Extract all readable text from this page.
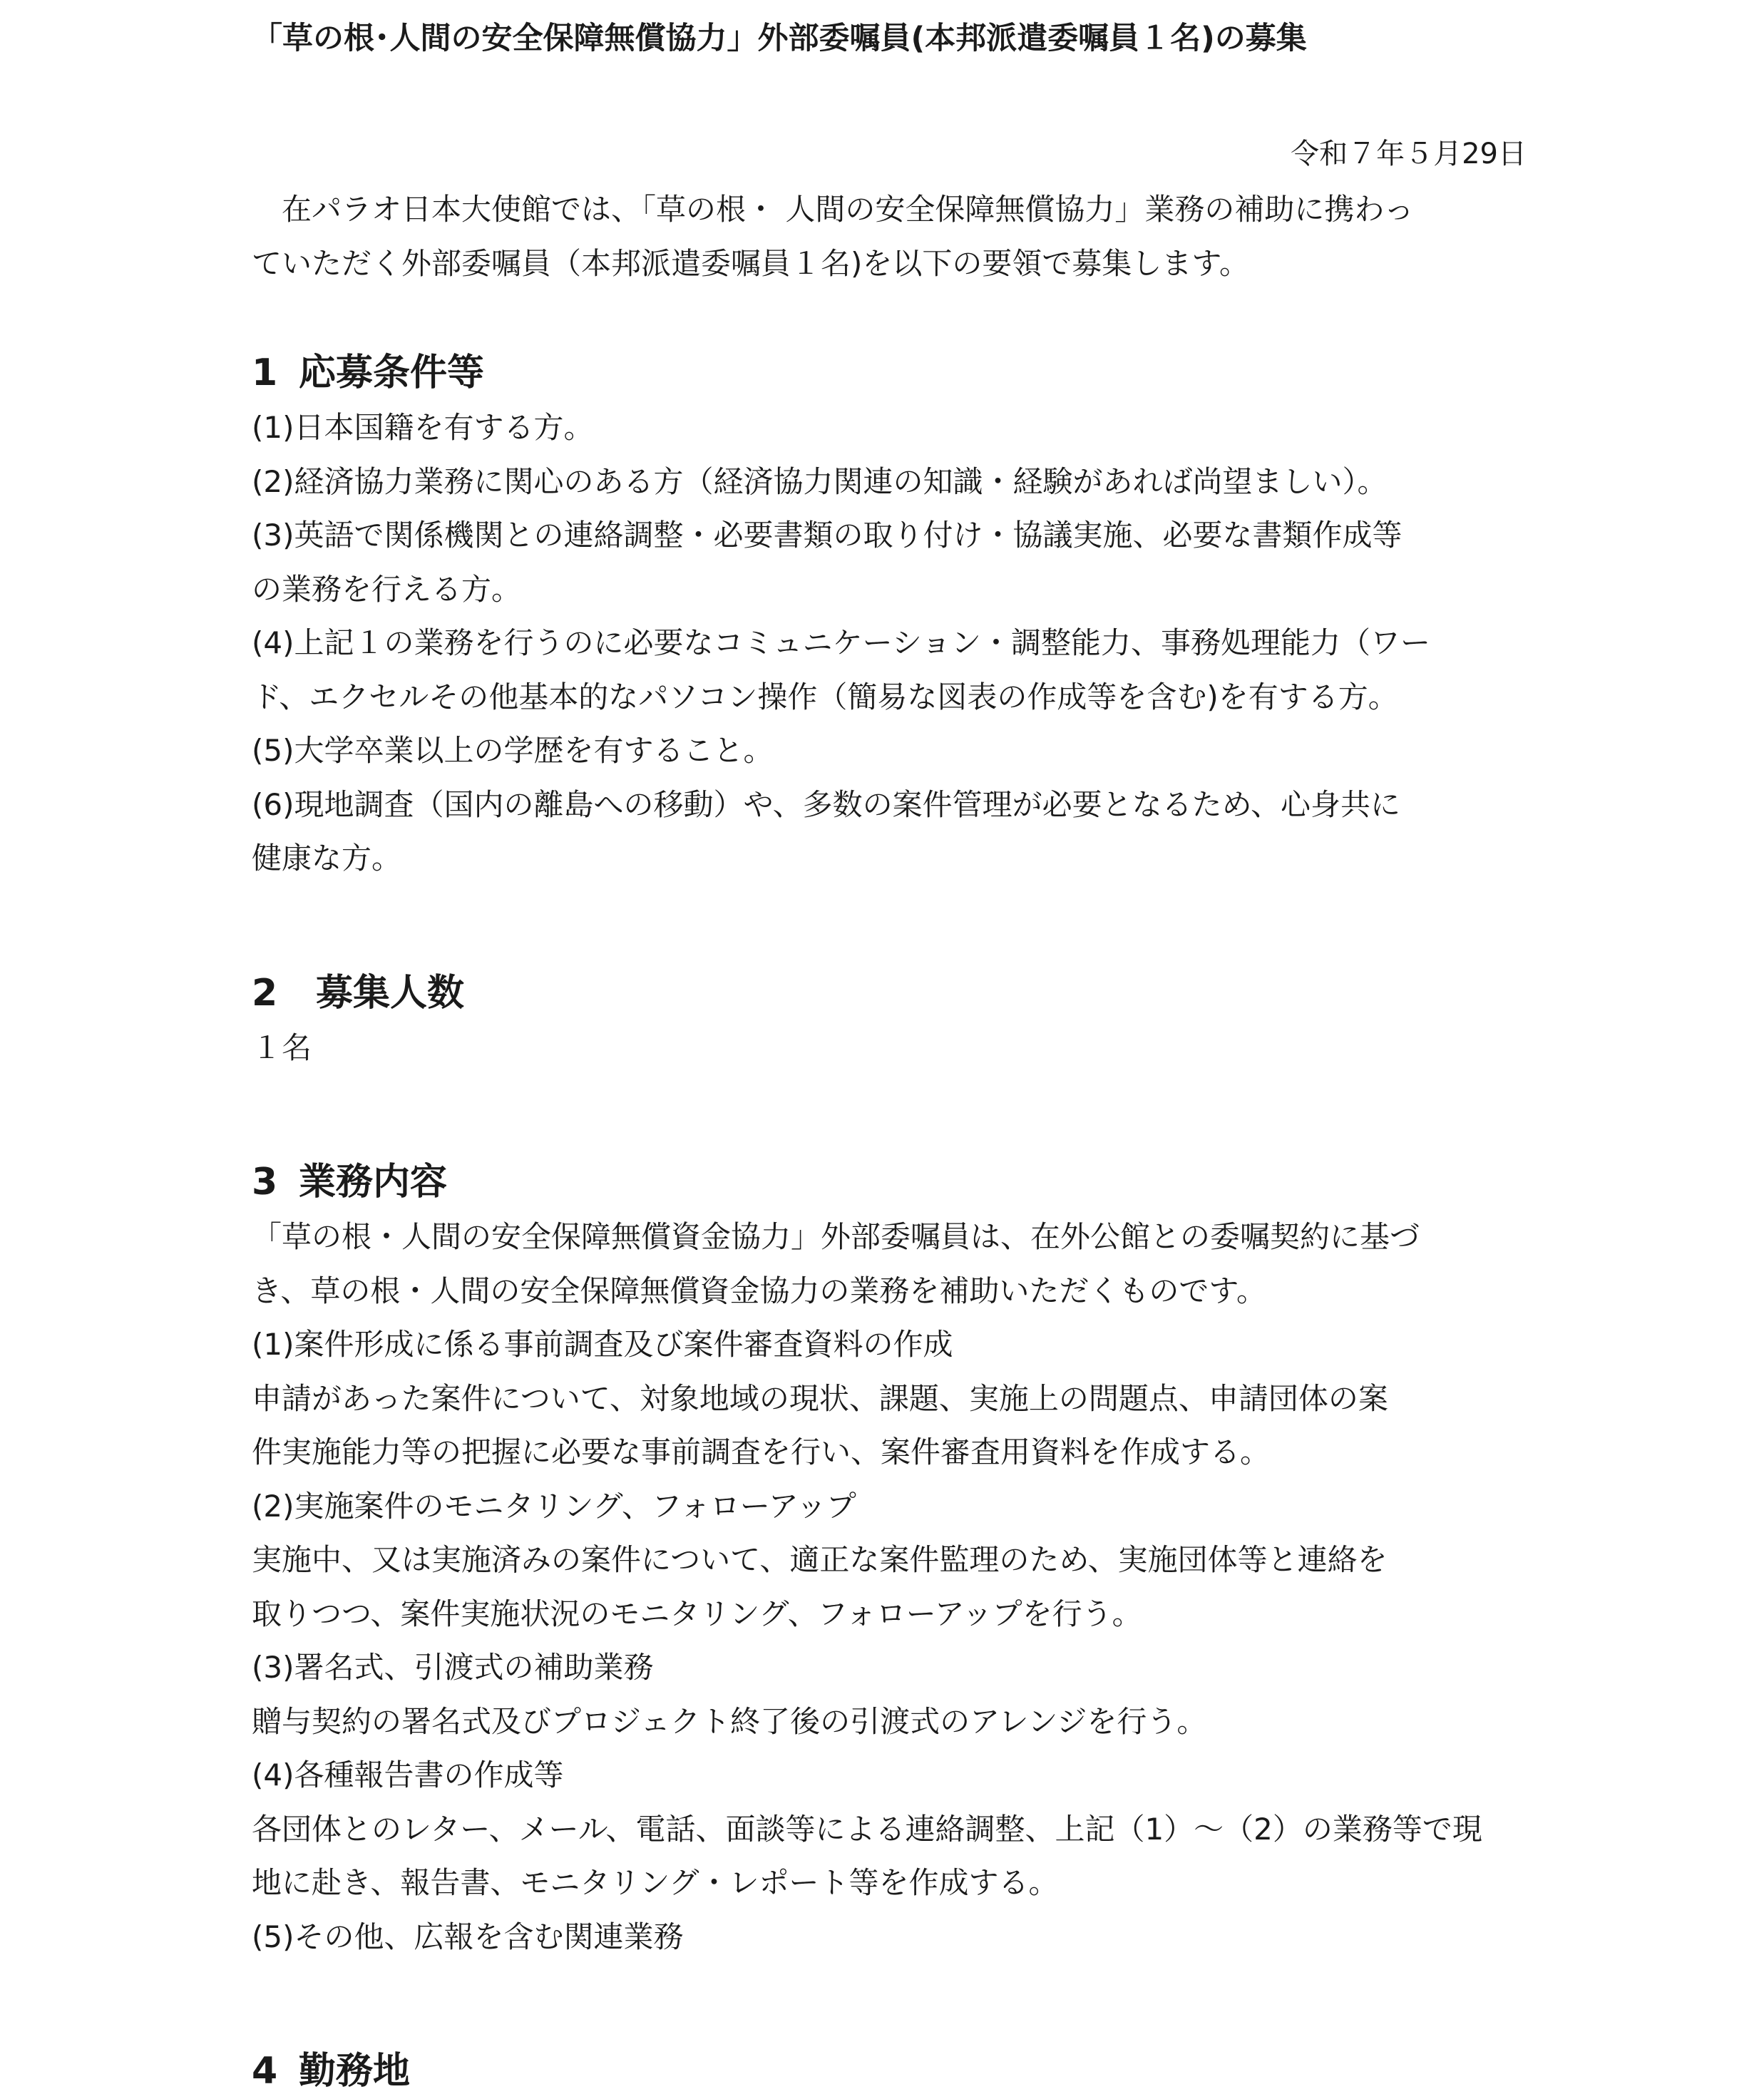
「草の根･人間の安全保障無償協力」外部委嘱員(本邦派遣委嘱員１名)の募集
令和７年５月29日
　在パラオ日本大使館では、「草の根・ 人間の安全保障無償協力」業務の補助に携わっ
ていただく外部委嘱員（本邦派遣委嘱員１名)を以下の要領で募集します。
1 応募条件等
(1)日本国籍を有する方。
(2)経済協力業務に関心のある方（経済協力関連の知識・経験があれば尚望ましい）。
(3)英語で関係機関との連絡調整・必要書類の取り付け・協議実施、必要な書類作成等
の業務を行える方。
(4)上記１の業務を行うのに必要なコミュニケーション・調整能力、事務処理能力（ワー
ド、エクセルその他基本的なパソコン操作（簡易な図表の作成等を含む)を有する方。
(5)大学卒業以上の学歴を有すること。
(6)現地調査（国内の離島への移動）や、多数の案件管理が必要となるため、心身共に
健康な方。
2 募集人数
１名
3 業務内容
「草の根・人間の安全保障無償資金協力」外部委嘱員は、在外公館との委嘱契約に基づ
き、草の根・人間の安全保障無償資金協力の業務を補助いただくものです。
(1)案件形成に係る事前調査及び案件審査資料の作成
申請があった案件について、対象地域の現状、課題、実施上の問題点、申請団体の案
件実施能力等の把握に必要な事前調査を行い、案件審査用資料を作成する。
(2)実施案件のモニタリング、フォローアップ
実施中、又は実施済みの案件について、適正な案件監理のため、実施団体等と連絡を
取りつつ、案件実施状況のモニタリング、フォローアップを行う。
(3)署名式、引渡式の補助業務
贈与契約の署名式及びプロジェクト終了後の引渡式のアレンジを行う。
(4)各種報告書の作成等
各団体とのレター、メール、電話、面談等による連絡調整、上記（1）～（2）の業務等で現
地に赴き、報告書、モニタリング・レポート等を作成する。
(5)その他、広報を含む関連業務
4 勤務地
